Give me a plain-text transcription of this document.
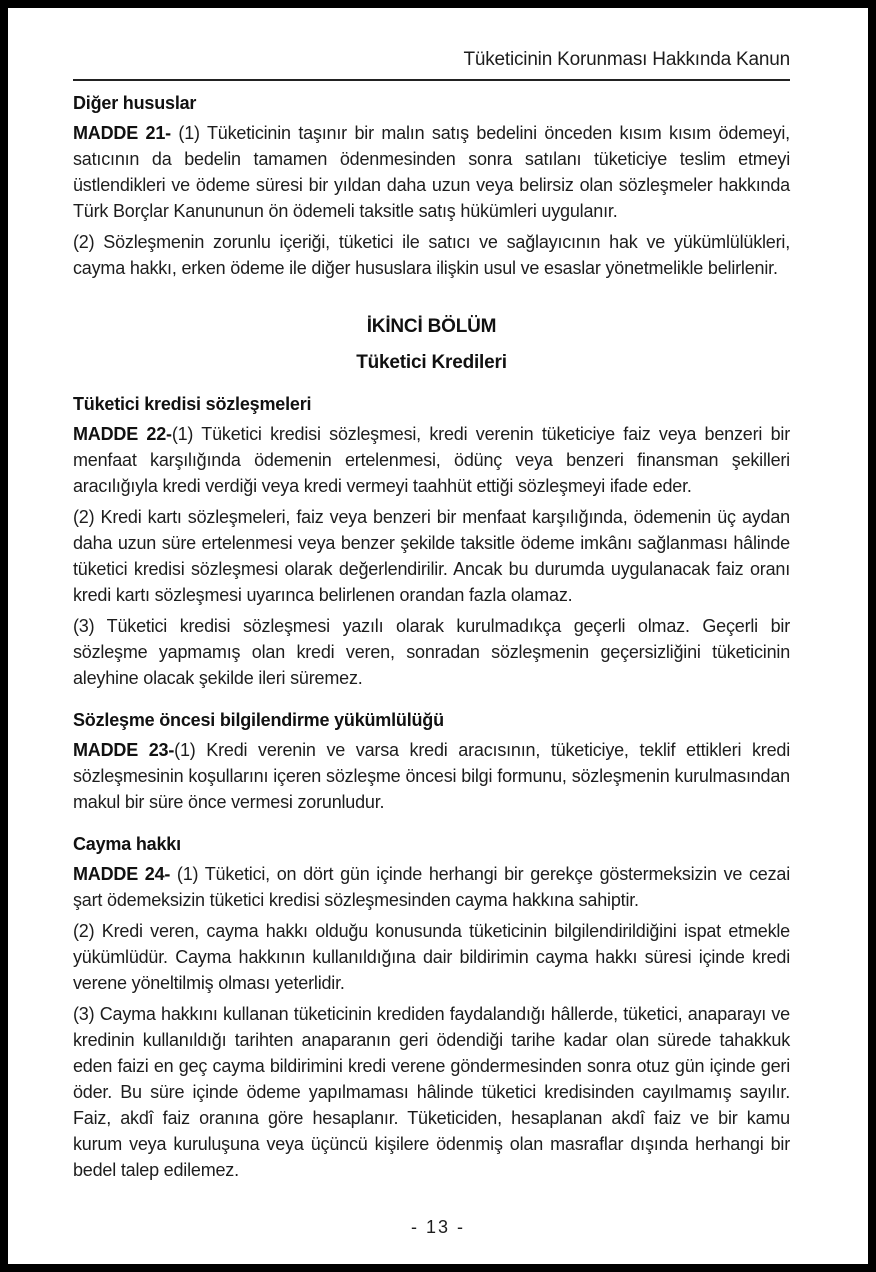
Tüketicinin Korunması Hakkında Kanun
Diğer hususlar

MADDE 21- (1) Tüketicinin taşınır bir malın satış bedelini önceden kısım kısım ödemeyi, satıcının da bedelin tamamen ödenmesinden sonra satılanı tüketiciye teslim etmeyi üstlendikleri ve ödeme süresi bir yıldan daha uzun veya belirsiz olan sözleşmeler hakkında Türk Borçlar Kanununun ön ödemeli taksitle satış hükümleri uygulanır.

(2) Sözleşmenin zorunlu içeriği, tüketici ile satıcı ve sağlayıcının hak ve yükümlülükleri, cayma hakkı, erken ödeme ile diğer hususlara ilişkin usul ve esaslar yönetmelikle belirlenir.

İKİNCİ BÖLÜM
Tüketici Kredileri
Tüketici kredisi sözleşmeleri

MADDE 22-(1) Tüketici kredisi sözleşmesi, kredi verenin tüketiciye faiz veya benzeri bir menfaat karşılığında ödemenin ertelenmesi, ödünç veya benzeri finansman şekilleri aracılığıyla kredi verdiği veya kredi vermeyi taahhüt ettiği sözleşmeyi ifade eder.

(2) Kredi kartı sözleşmeleri, faiz veya benzeri bir menfaat karşılığında, ödemenin üç aydan daha uzun süre ertelenmesi veya benzer şekilde taksitle ödeme imkânı sağlanması hâlinde tüketici kredisi sözleşmesi olarak değerlendirilir. Ancak bu durumda uygulanacak faiz oranı kredi kartı sözleşmesi uyarınca belirlenen orandan fazla olamaz.

(3) Tüketici kredisi sözleşmesi yazılı olarak kurulmadıkça geçerli olmaz. Geçerli bir sözleşme yapmamış olan kredi veren, sonradan sözleşmenin geçersizliğini tüketicinin aleyhine olacak şekilde ileri süremez.

Sözleşme öncesi bilgilendirme yükümlülüğü

MADDE 23-(1) Kredi verenin ve varsa kredi aracısının, tüketiciye, teklif ettikleri kredi sözleşmesinin koşullarını içeren sözleşme öncesi bilgi formunu, sözleşmenin kurulmasından makul bir süre önce vermesi zorunludur.

Cayma hakkı

MADDE 24- (1) Tüketici, on dört gün içinde herhangi bir gerekçe göstermeksizin ve cezai şart ödemeksizin tüketici kredisi sözleşmesinden cayma hakkına sahiptir.

(2) Kredi veren, cayma hakkı olduğu konusunda tüketicinin bilgilendirildiğini ispat etmekle yükümlüdür. Cayma hakkının kullanıldığına dair bildirimin cayma hakkı süresi içinde kredi verene yöneltilmiş olması yeterlidir.

(3) Cayma hakkını kullanan tüketicinin krediden faydalandığı hâllerde, tüketici, anaparayı ve kredinin kullanıldığı tarihten anaparanın geri ödendiği tarihe kadar olan sürede tahakkuk eden faizi en geç cayma bildirimini kredi verene göndermesinden sonra otuz gün içinde geri öder. Bu süre içinde ödeme yapılmaması hâlinde tüketici kredisinden cayılmamış sayılır. Faiz, akdî faiz oranına göre hesaplanır. Tüketiciden, hesaplanan akdî faiz ve bir kamu kurum veya kuruluşuna veya üçüncü kişilere ödenmiş olan masraflar dışında herhangi bir bedel talep edilemez.

- 13 -
